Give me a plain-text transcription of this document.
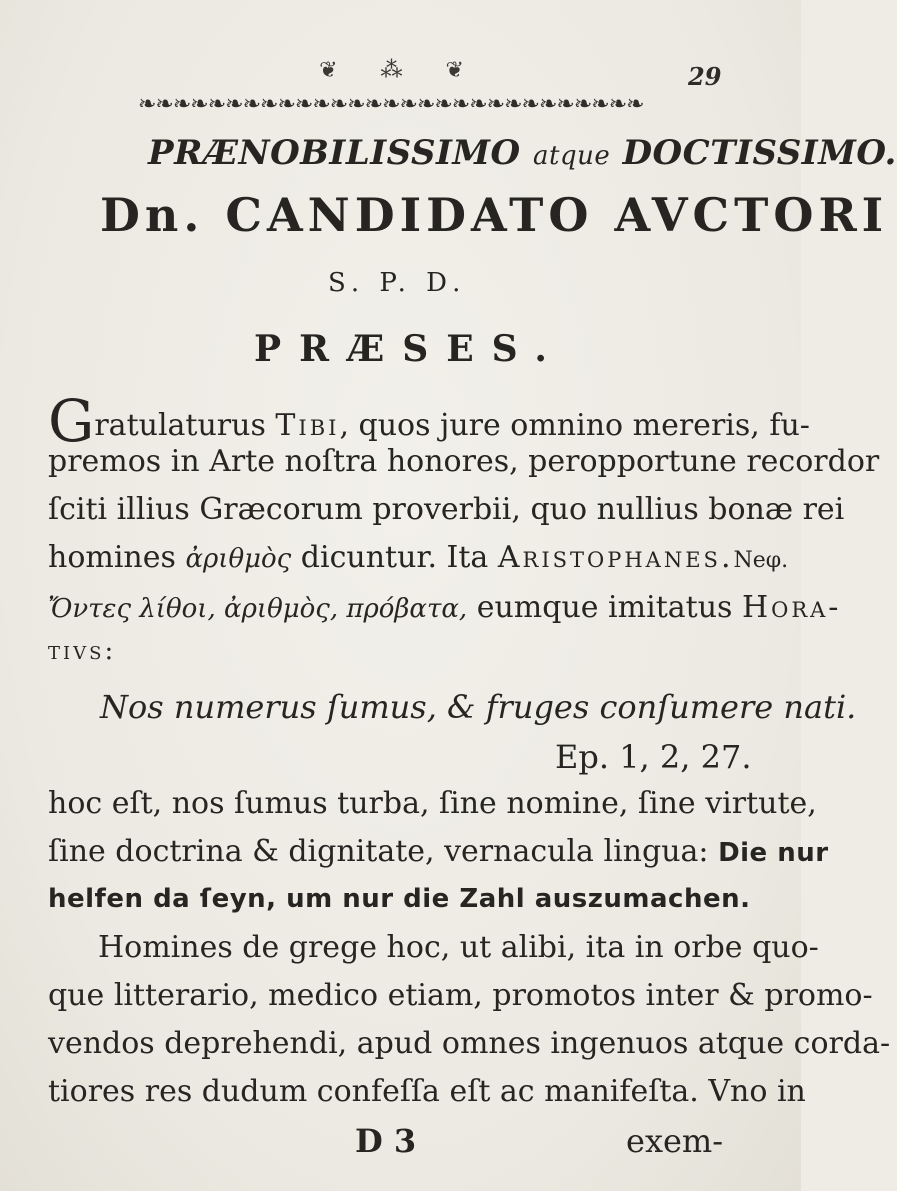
❦ ⁂ ❦	29
❧❧❧❧❧❧❧❧❧❧❧❧❧❧❧❧❧❧❧❧❧❧❧❧❧❧❧❧❧
PRÆNOBILISSIMO atque DOCTISSIMO.
Dn. CANDIDATO AVCTORI
S. P. D.
PRÆSES.
Gratulaturus Tibi, quos jure omnino mereris, fu-
premos in Arte noſtra honores, peropportune recordor
ſciti illius Græcorum proverbii, quo nullius bonæ rei
homines ἀριθμὸς dicuntur. Ita Aristophanes.Neφ.
Ὄντες λίθοι, ἀριθμὸς, πρόβατα, eumque imitatus Hora-
tivs:
Nos numerus ſumus, & fruges conſumere nati.
Ep. 1, 2, 27.
hoc eſt, nos ſumus turba, ſine nomine, ſine virtute,
ſine doctrina & dignitate, vernacula lingua: Die nur
helfen da ſeyn, um nur die Zahl auszumachen.
Homines de grege hoc, ut alibi, ita in orbe quo-
que litterario, medico etiam, promotos inter & promo-
vendos deprehendi, apud omnes ingenuos atque corda-
tiores res dudum confeſſa eſt ac manifeſta. Vno in
D 3	exem-
